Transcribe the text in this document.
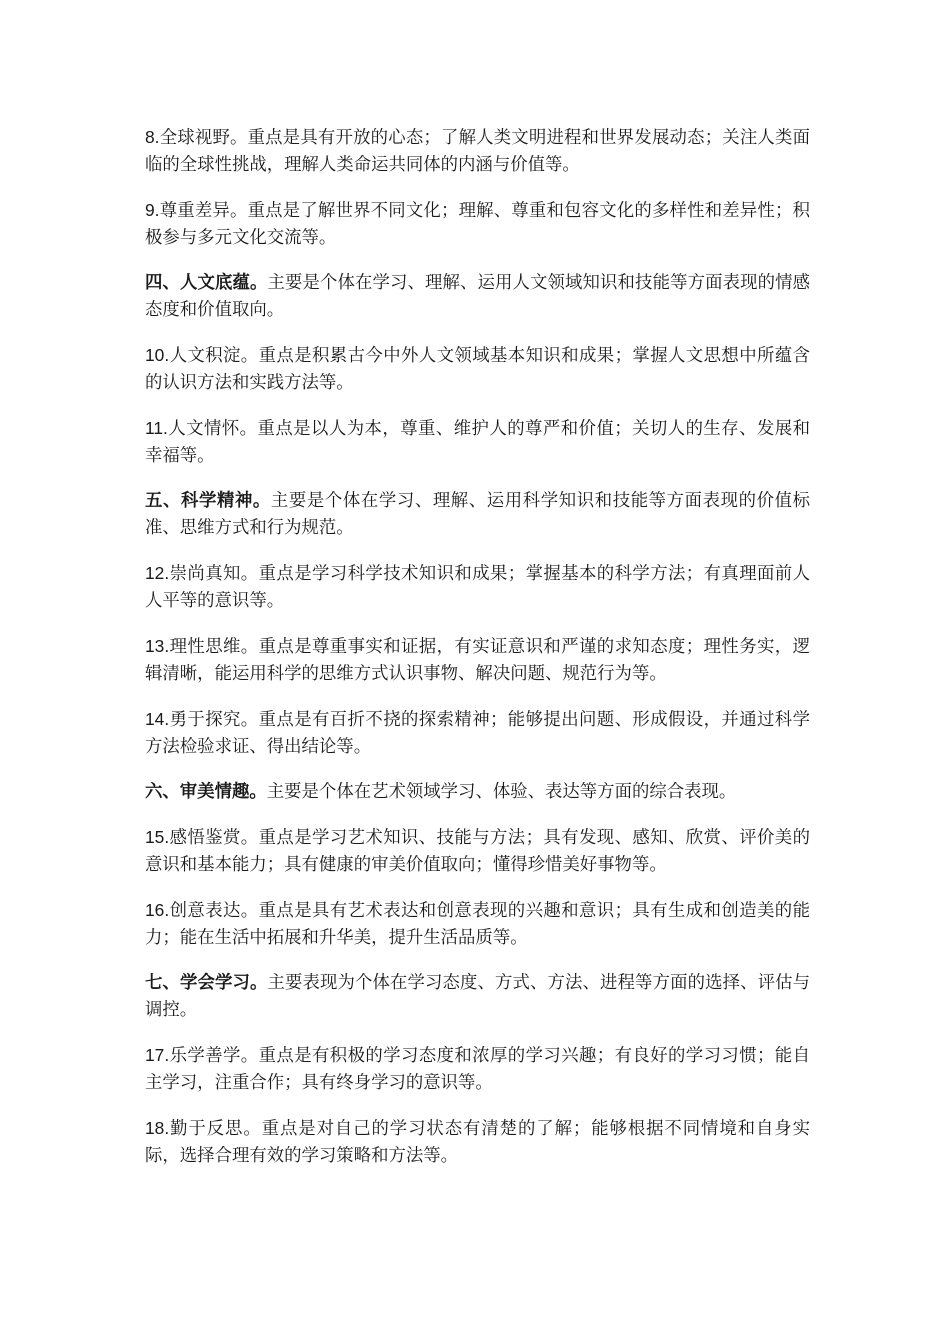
8.全球视野。重点是具有开放的心态；了解人类文明进程和世界发展动态；关注人类面临的全球性挑战，理解人类命运共同体的内涵与价值等。

9.尊重差异。重点是了解世界不同文化；理解、尊重和包容文化的多样性和差异性；积极参与多元文化交流等。

四、人文底蕴。主要是个体在学习、理解、运用人文领域知识和技能等方面表现的情感态度和价值取向。

10.人文积淀。重点是积累古今中外人文领域基本知识和成果；掌握人文思想中所蕴含的认识方法和实践方法等。

11.人文情怀。重点是以人为本，尊重、维护人的尊严和价值；关切人的生存、发展和幸福等。

五、科学精神。主要是个体在学习、理解、运用科学知识和技能等方面表现的价值标准、思维方式和行为规范。

12.崇尚真知。重点是学习科学技术知识和成果；掌握基本的科学方法；有真理面前人人平等的意识等。

13.理性思维。重点是尊重事实和证据，有实证意识和严谨的求知态度；理性务实，逻辑清晰，能运用科学的思维方式认识事物、解决问题、规范行为等。

14.勇于探究。重点是有百折不挠的探索精神；能够提出问题、形成假设，并通过科学方法检验求证、得出结论等。

六、审美情趣。主要是个体在艺术领域学习、体验、表达等方面的综合表现。

15.感悟鉴赏。重点是学习艺术知识、技能与方法；具有发现、感知、欣赏、评价美的意识和基本能力；具有健康的审美价值取向；懂得珍惜美好事物等。

16.创意表达。重点是具有艺术表达和创意表现的兴趣和意识；具有生成和创造美的能力；能在生活中拓展和升华美，提升生活品质等。

七、学会学习。主要表现为个体在学习态度、方式、方法、进程等方面的选择、评估与调控。

17.乐学善学。重点是有积极的学习态度和浓厚的学习兴趣；有良好的学习习惯；能自主学习，注重合作；具有终身学习的意识等。

18.勤于反思。重点是对自己的学习状态有清楚的了解；能够根据不同情境和自身实际，选择合理有效的学习策略和方法等。
